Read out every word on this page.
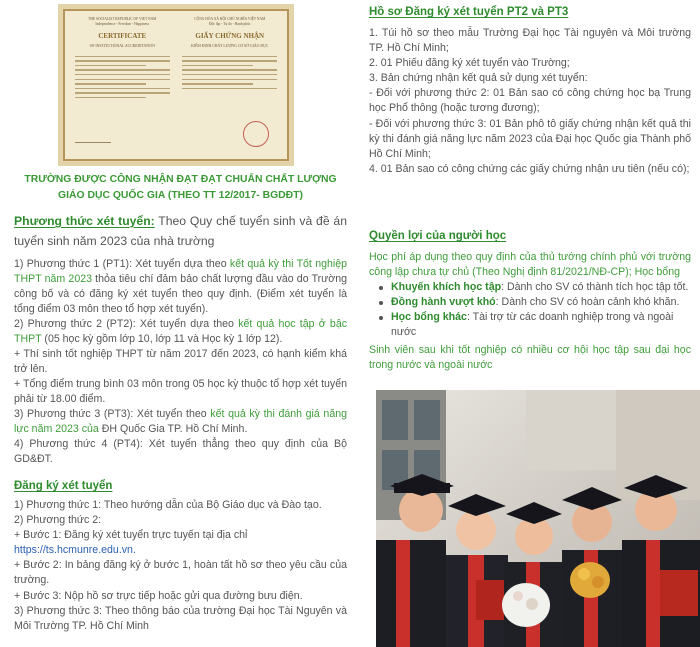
THE SOCIALIST REPUBLIC OF VIET NAM
Independence - Freedom - Happiness
CERTIFICATE
OF INSTITUTIONAL ACCREDITATION
CỘNG HÒA XÃ HỘI CHỦ NGHĨA VIỆT NAM
Độc lập - Tự do - Hạnh phúc
GIẤY CHỨNG NHẬN
KIỂM ĐỊNH CHẤT LƯỢNG CƠ SỞ GIÁO DỤC
TRƯỜNG ĐƯỢC CÔNG NHẬN ĐẠT ĐẠT CHUẨN CHẤT LƯỢNG GIÁO DỤC QUỐC GIA (THEO TT 12/2017- BGDĐT)

Phương thức xét tuyển: Theo Quy chế tuyển sinh và đề án tuyển sinh năm 2023 của nhà trường

1) Phương thức 1 (PT1): Xét tuyển dựa theo kết quả kỳ thi Tốt nghiệp THPT năm 2023 thỏa tiêu chí đảm bảo chất lượng đầu vào do Trường công bố và có đăng ký xét tuyển theo quy định. (Điểm xét tuyển là tổng điểm 03 môn theo tổ hợp xét tuyển).

2) Phương thức 2 (PT2): Xét tuyển dựa theo kết quả học tập ở bậc THPT (05 học kỳ gồm lớp 10, lớp 11 và Học kỳ 1 lớp 12).

+ Thí sinh tốt nghiệp THPT từ năm 2017 đến 2023, có hạnh kiểm khá trở lên.

+ Tổng điểm trung bình 03 môn trong 05 học kỳ thuộc tổ hợp xét tuyển phải từ 18.00 điểm.

3) Phương thức 3 (PT3): Xét tuyển theo kết quả kỳ thi đánh giá năng lực năm 2023 của ĐH Quốc Gia TP. Hồ Chí Minh.

4) Phương thức 4 (PT4): Xét tuyển thẳng theo quy định của Bộ GD&ĐT.

Đăng ký xét tuyển

1) Phương thức 1: Theo hướng dẫn của Bộ Giáo dục và Đào tạo.

2) Phương thức 2:

+ Bước 1: Đăng ký xét tuyển trực tuyến tại địa chỉ

https://ts.hcmunre.edu.vn.

+ Bước 2: In bảng đăng ký ở bước 1, hoàn tất hồ sơ theo yêu cầu của trường.

+ Bước 3: Nộp hồ sơ trực tiếp hoặc gửi qua đường bưu điện.

3) Phương thức 3: Theo thông báo của trường Đại học Tài Nguyên và Môi Trường TP. Hồ Chí Minh

Hồ sơ Đăng ký xét tuyển PT2 và PT3

1. Túi hồ sơ theo mẫu Trường Đại học Tài nguyên và Môi trường TP. Hồ Chí Minh;

2. 01 Phiếu đăng ký xét tuyển vào Trường;

3. Bản chứng nhận kết quả sử dụng xét tuyển:

- Đối với phương thức 2: 01 Bản sao có công chứng học bạ Trung học Phổ thông (hoặc tương đương);

- Đối với phương thức 3: 01 Bản phô tô giấy chứng nhận kết quả thi kỳ thi đánh giá năng lực năm 2023 của Đại học Quốc gia Thành phố Hồ Chí Minh;

4. 01 Bản sao có công chứng các giấy chứng nhận ưu tiên (nếu có);

Quyền lợi của người học

Học phí áp dụng theo quy định của thủ tướng chính phủ với trường công lập chưa tự chủ (Theo Nghị định 81/2021/NĐ-CP); Học bổng

Khuyến khích học tập: Dành cho SV có thành tích học tập tốt.
Đồng hành vượt khó: Dành cho SV có hoàn cảnh khó khăn.
Học bổng khác: Tài trợ từ các doanh nghiệp trong và ngoài nước

Sinh viên sau khi tốt nghiệp có nhiều cơ hội học tập sau đại học trong nước và ngoài nước
